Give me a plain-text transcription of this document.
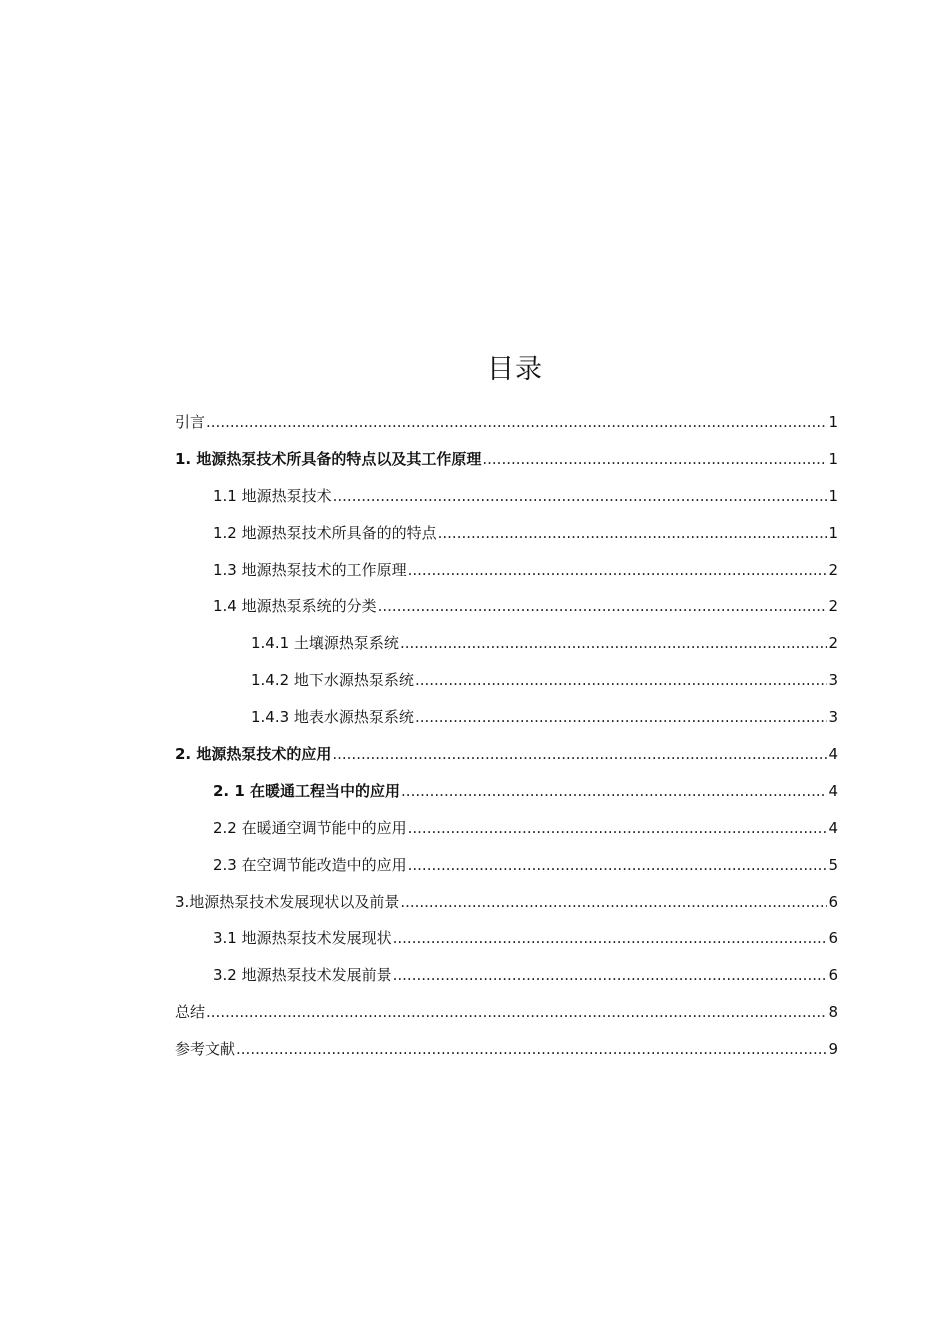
目录
引言 .....	1
1. 地源热泵技术所具备的特点以及其工作原理 .....	1
1.1 地源热泵技术 .....	1
1.2 地源热泵技术所具备的的特点 .....	1
1.3 地源热泵技术的工作原理 .....	2
1.4 地源热泵系统的分类 .....	2
1.4.1 土壤源热泵系统 .....	2
1.4.2 地下水源热泵系统 .....	3
1.4.3 地表水源热泵系统 .....	3
2. 地源热泵技术的应用 .....	4
2. 1 在暖通工程当中的应用 .....	4
2.2 在暖通空调节能中的应用 .....	4
2.3 在空调节能改造中的应用 .....	5
3.地源热泵技术发展现状以及前景 .....	6
3.1 地源热泵技术发展现状 .....	6
3.2 地源热泵技术发展前景 .....	6
总结 .....	8
参考文献 .....	9
